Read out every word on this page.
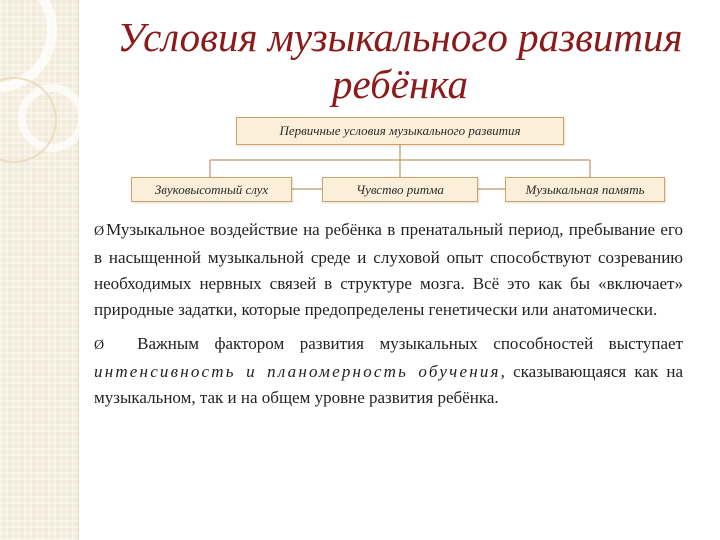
Условия музыкального развития
ребёнка
Первичные условия музыкального развития
Звуковысотный слух	Чувство ритма	Музыкальная память

Ø Музыкальное воздействие на ребёнка в пренатальный период, пребывание его в насыщенной музыкальной среде и слуховой опыт способствуют созреванию необходимых нервных связей в структуре мозга. Всё это как бы «включает» природные задатки, которые предопределены генетически или анатомически.

Ø  Важным фактором развития музыкальных способностей выступает интенсивность и планомерность обучения, сказывающаяся как на музыкальном, так и на общем уровне развития ребёнка.
